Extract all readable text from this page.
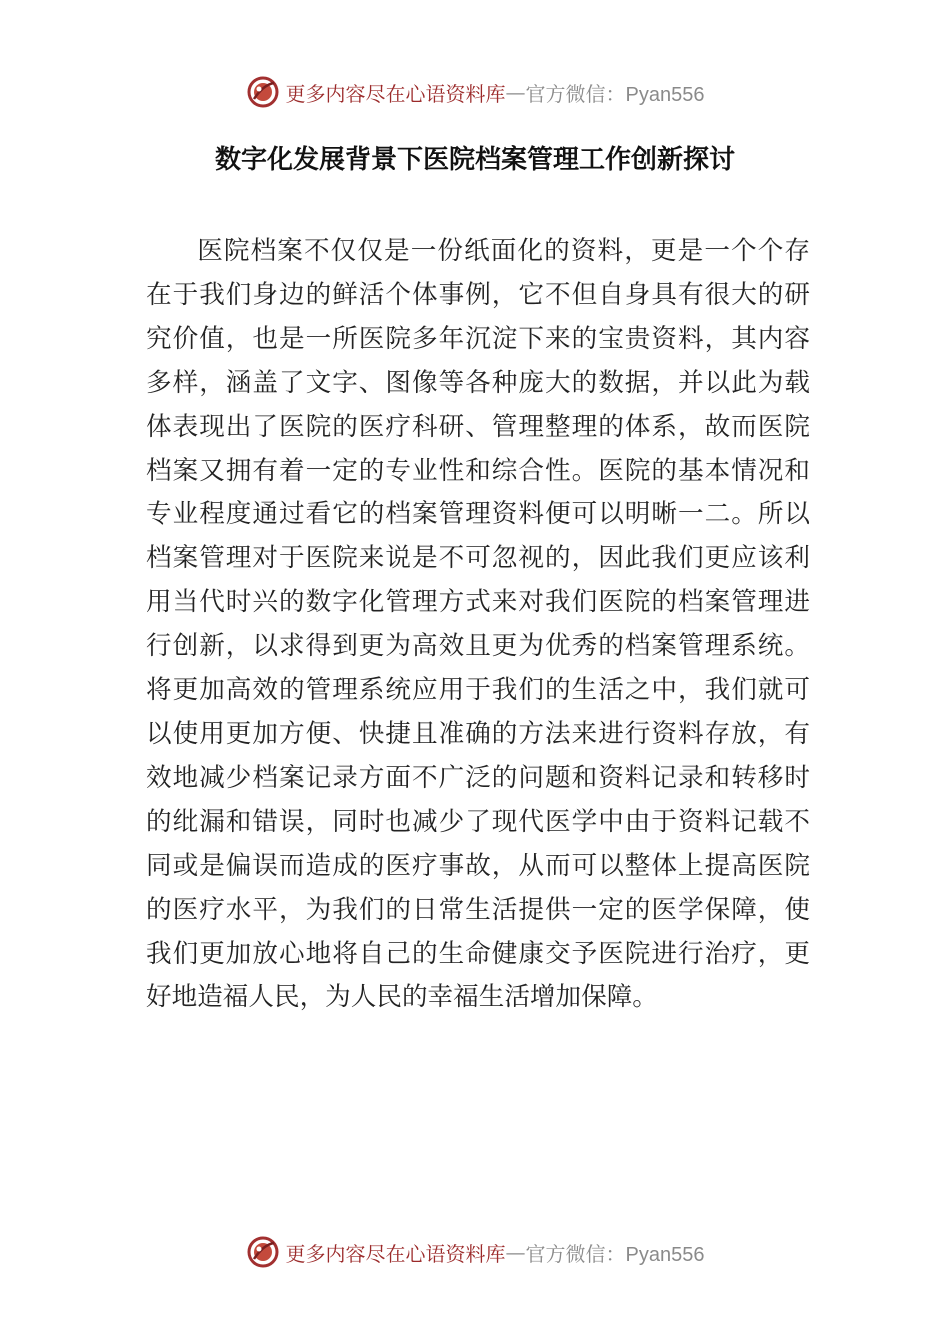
更多内容尽在心语资料库 — 官方微信：Pyan556
数字化发展背景下医院档案管理工作创新探讨

医院档案不仅仅是一份纸面化的资料，更是一个个存在于我们身边的鲜活个体事例，它不但自身具有很大的研究价值，也是一所医院多年沉淀下来的宝贵资料，其内容多样，涵盖了文字、图像等各种庞大的数据，并以此为载体表现出了医院的医疗科研、管理整理的体系，故而医院档案又拥有着一定的专业性和综合性。医院的基本情况和专业程度通过看它的档案管理资料便可以明晰一二。所以档案管理对于医院来说是不可忽视的，因此我们更应该利用当代时兴的数字化管理方式来对我们医院的档案管理进行创新，以求得到更为高效且更为优秀的档案管理系统。将更加高效的管理系统应用于我们的生活之中，我们就可以使用更加方便、快捷且准确的方法来进行资料存放，有效地减少档案记录方面不广泛的问题和资料记录和转移时的纰漏和错误，同时也减少了现代医学中由于资料记载不同或是偏误而造成的医疗事故，从而可以整体上提高医院的医疗水平，为我们的日常生活提供一定的医学保障，使我们更加放心地将自己的生命健康交予医院进行治疗，更好地造福人民，为人民的幸福生活增加保障。

更多内容尽在心语资料库 — 官方微信：Pyan556
